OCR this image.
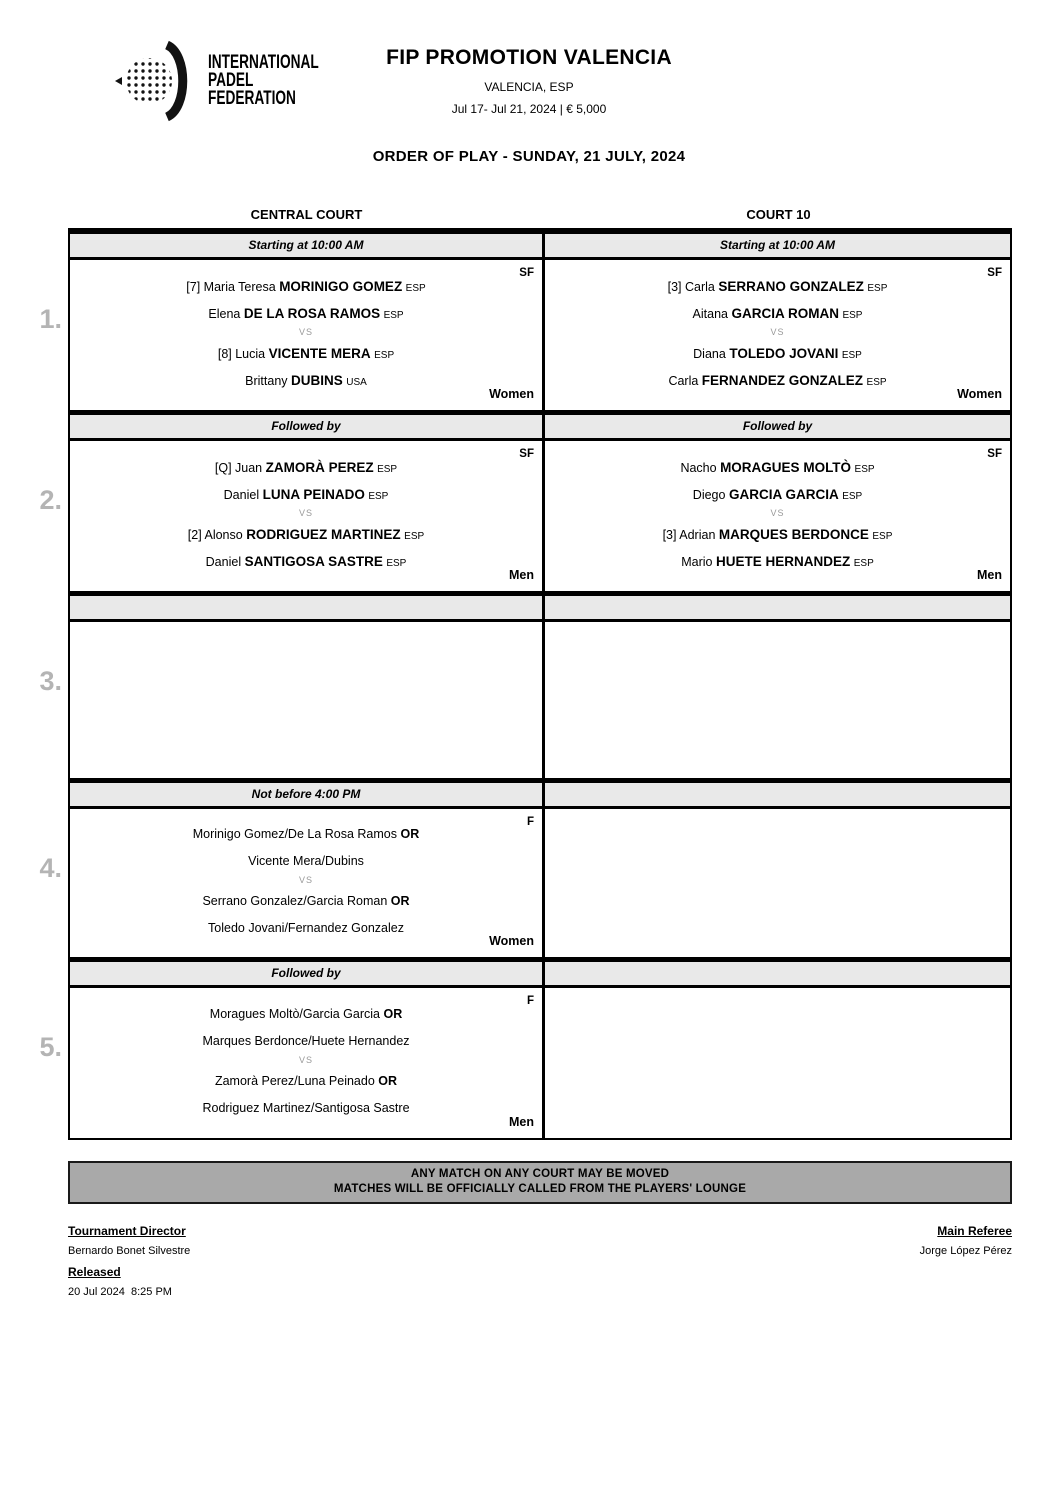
INTERNATIONAL
PADEL
FEDERATION
FIP PROMOTION VALENCIA
VALENCIA, ESP
Jul 17- Jul 21, 2024 | € 5,000
ORDER OF PLAY - SUNDAY, 21 JULY, 2024
CENTRAL COURT	COURT 10
Starting at 10:00 AM	Starting at 10:00 AM
1.
SF
[7] Maria Teresa MORINIGO GOMEZ ESP
Elena DE LA ROSA RAMOS ESP
VS
[8] Lucia VICENTE MERA ESP
Brittany DUBINS USA
Women
SF
[3] Carla SERRANO GONZALEZ ESP
Aitana GARCIA ROMAN ESP
VS
Diana TOLEDO JOVANI ESP
Carla FERNANDEZ GONZALEZ ESP
Women
Followed by	Followed by
2.
SF
[Q] Juan ZAMORÀ PEREZ ESP
Daniel LUNA PEINADO ESP
VS
[2] Alonso RODRIGUEZ MARTINEZ ESP
Daniel SANTIGOSA SASTRE ESP
Men
SF
Nacho MORAGUES MOLTÒ ESP
Diego GARCIA GARCIA ESP
VS
[3] Adrian MARQUES BERDONCE ESP
Mario HUETE HERNANDEZ ESP
Men
3.
Not before 4:00 PM
4.
F
Morinigo Gomez/De La Rosa Ramos OR
Vicente Mera/Dubins
VS
Serrano Gonzalez/Garcia Roman OR
Toledo Jovani/Fernandez Gonzalez
Women
Followed by
5.
F
Moragues Moltò/Garcia Garcia OR
Marques Berdonce/Huete Hernandez
VS
Zamorà Perez/Luna Peinado OR
Rodriguez Martinez/Santigosa Sastre
Men
ANY MATCH ON ANY COURT MAY BE MOVED
MATCHES WILL BE OFFICIALLY CALLED FROM THE PLAYERS' LOUNGE
Tournament Director
Bernardo Bonet Silvestre
Released
20 Jul 2024  8:25 PM
Main Referee
Jorge López Pérez
